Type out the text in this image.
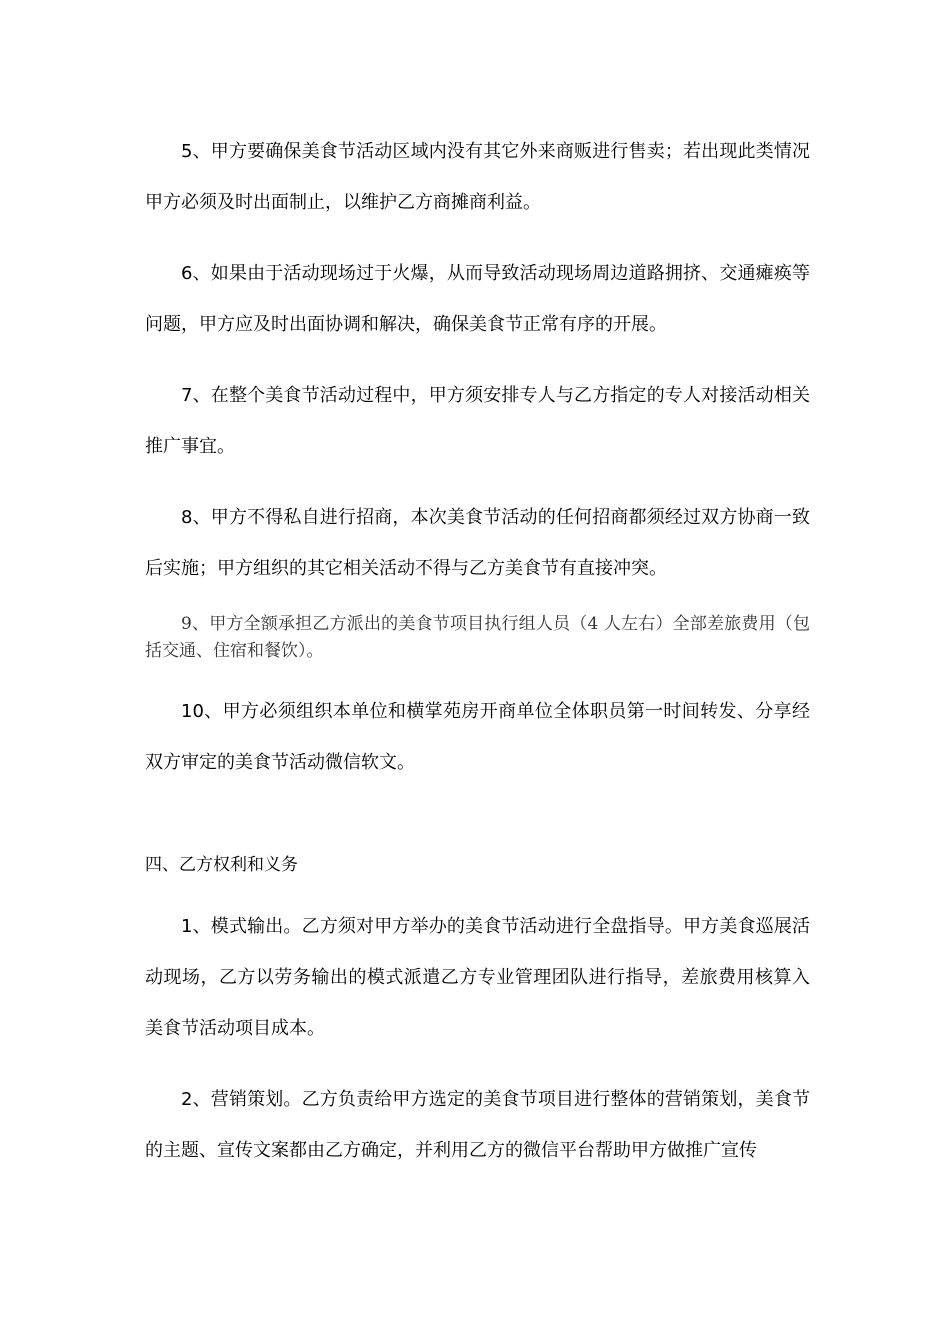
5、甲方要确保美食节活动区域内没有其它外来商贩进行售卖；若出现此类情况甲方必须及时出面制止，以维护乙方商摊商利益。

6、如果由于活动现场过于火爆，从而导致活动现场周边道路拥挤、交通瘫痪等问题，甲方应及时出面协调和解决，确保美食节正常有序的开展。

7、在整个美食节活动过程中，甲方须安排专人与乙方指定的专人对接活动相关推广事宜。

8、甲方不得私自进行招商，本次美食节活动的任何招商都须经过双方协商一致后实施；甲方组织的其它相关活动不得与乙方美食节有直接冲突。

9、甲方全额承担乙方派出的美食节项目执行组人员（4 人左右）全部差旅费用（包括交通、住宿和餐饮）。

10、甲方必须组织本单位和横掌苑房开商单位全体职员第一时间转发、分享经双方审定的美食节活动微信软文。

四、乙方权利和义务

1、模式输出。乙方须对甲方举办的美食节活动进行全盘指导。甲方美食巡展活动现场，乙方以劳务输出的模式派遣乙方专业管理团队进行指导，差旅费用核算入美食节活动项目成本。

2、营销策划。乙方负责给甲方选定的美食节项目进行整体的营销策划，美食节的主题、宣传文案都由乙方确定，并利用乙方的微信平台帮助甲方做推广宣传
